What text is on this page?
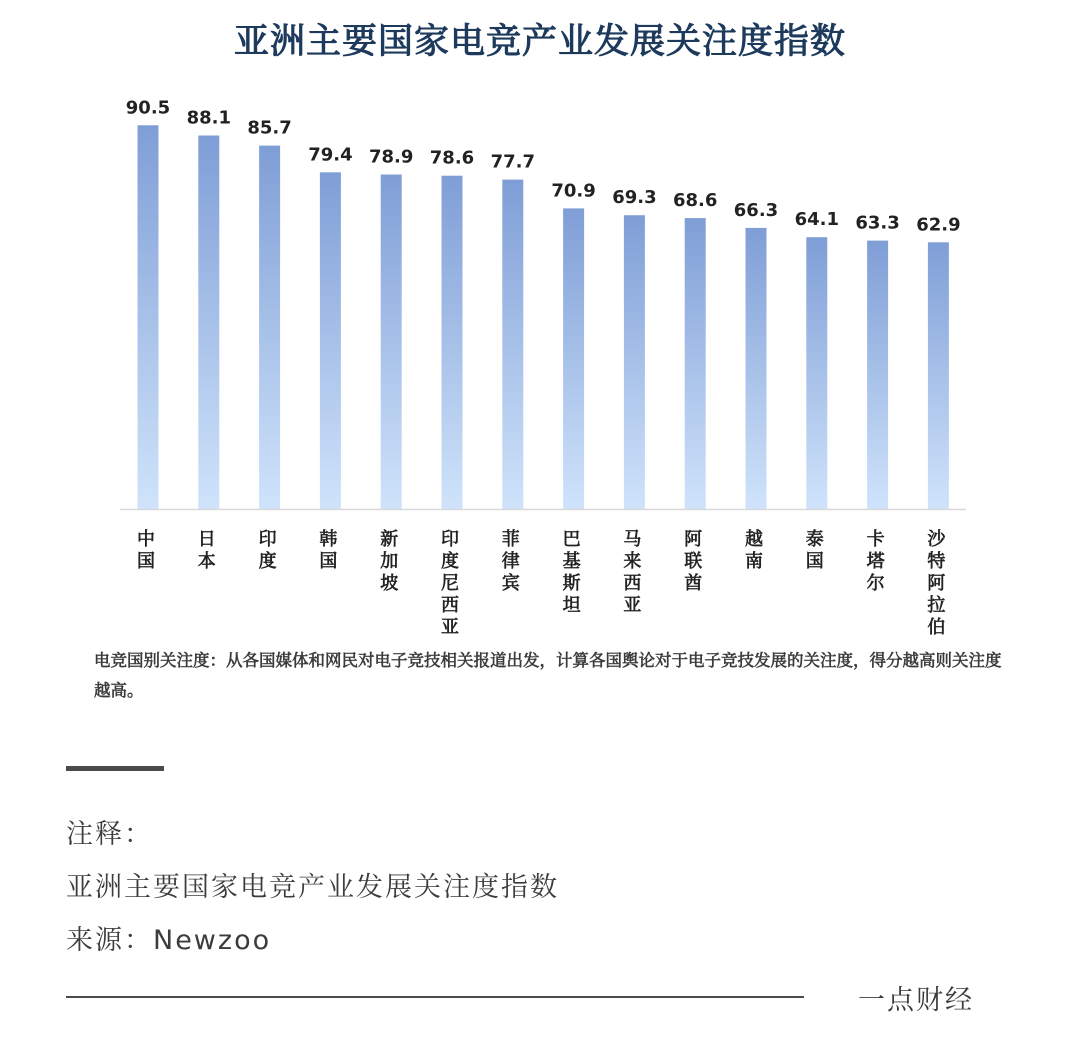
亚洲主要国家电竞产业发展关注度指数
90.5 88.1 85.7
79.4 78.9 78.6 77.7
70.9 69.3 68.6 66.3 64.1 63.3 62.9
中国
日本
印度
韩国
新加坡
印度尼西亚
菲律宾
巴基斯坦
马来西亚
阿联酋
越南
泰国
卡塔尔
沙特阿拉伯
电竞国别关注度：从各国媒体和网民对电子竞技相关报道出发，计算各国舆论对于电子竞技发展的关注度，得分越高则关注度越高。
注释：
亚洲主要国家电竞产业发展关注度指数
来源：Newzoo
一点财经
